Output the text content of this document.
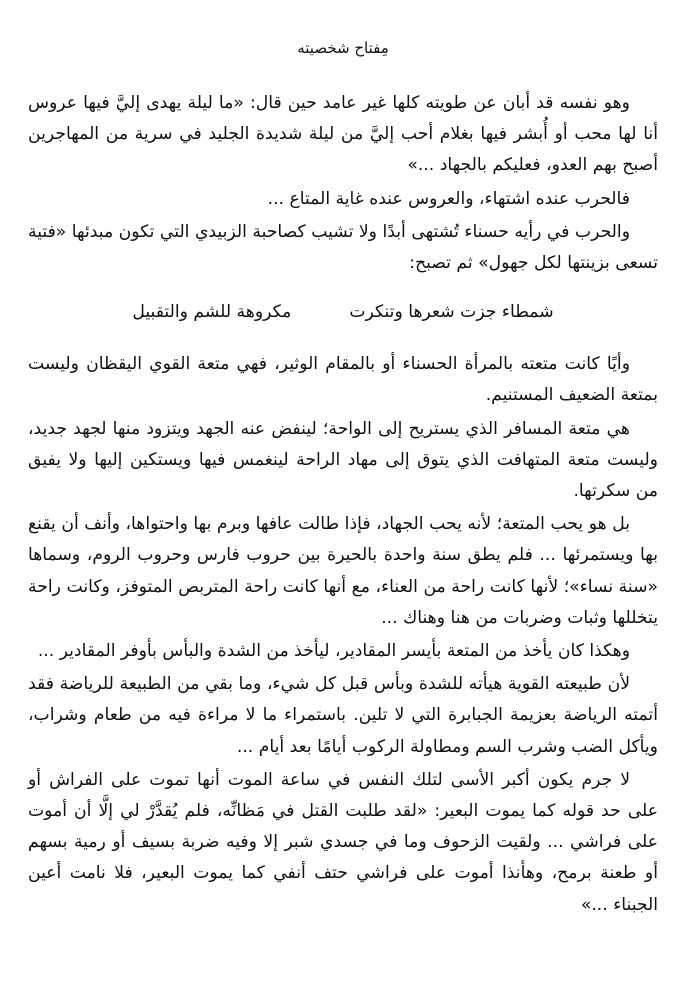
مِفتاح شخصيته

وهو نفسه قد أبان عن طويته كلها غير عامد حين قال: «ما ليلة يهدى إليَّ فيها عروس أنا لها محب أو أُبشر فيها بغلام أحب إليَّ من ليلة شديدة الجليد في سرية من المهاجرين أصبح بهم العدو، فعليكم بالجهاد ...»

فالحرب عنده اشتهاء، والعروس عنده غاية المتاع ...

والحرب في رأيه حسناء تُشتهى أبدًا ولا تشيب كصاحبة الزبيدي التي تكون مبدئها «فتية تسعى بزينتها لكل جهول» ثم تصبح:

شمطاء جزت شعرها وتنكرت
مكروهة للشم والتقبيل

وأيًا كانت متعته بالمرأة الحسناء أو بالمقام الوثير، فهي متعة القوي اليقظان وليست بمتعة الضعيف المستنيم.

هي متعة المسافر الذي يستريح إلى الواحة؛ لينفض عنه الجهد ويتزود منها لجهد جديد، وليست متعة المتهافت الذي يتوق إلى مهاد الراحة لينغمس فيها ويستكين إليها ولا يفيق من سكرتها.

بل هو يحب المتعة؛ لأنه يحب الجهاد، فإذا طالت عافها وبرم بها واحتواها، وأنف أن يقنع بها ويستمرئها ... فلم يطق سنة واحدة بالحيرة بين حروب فارس وحروب الروم، وسماها «سنة نساء»؛ لأنها كانت راحة من العناء، مع أنها كانت راحة المتربص المتوفز، وكانت راحة يتخللها وثبات وضربات من هنا وهناك ...

وهكذا كان يأخذ من المتعة بأيسر المقادير، ليأخذ من الشدة والبأس بأوفر المقادير ...

لأن طبيعته القوية هيأته للشدة وبأس قبل كل شيء، وما بقي من الطبيعة للرياضة فقد أتمته الرياضة بعزيمة الجبابرة التي لا تلين. باستمراء ما لا مراءة فيه من طعام وشراب، ويأكل الضب وشرب السم ومطاولة الركوب أيامًا بعد أيام ...

لا جرم يكون أكبر الأسى لتلك النفس في ساعة الموت أنها تموت على الفراش أو على حد قوله كما يموت البعير: «لقد طلبت القتل في مَظانِّه، فلم يُقدَّرْ لي إلَّا أن أموت على فراشي ... ولقيت الزحوف وما في جسدي شبر إلا وفيه ضربة بسيف أو رمية بسهم أو طعنة برمح، وهأنذا أموت على فراشي حتف أنفي كما يموت البعير، فلا نامت أعين الجبناء ...»
